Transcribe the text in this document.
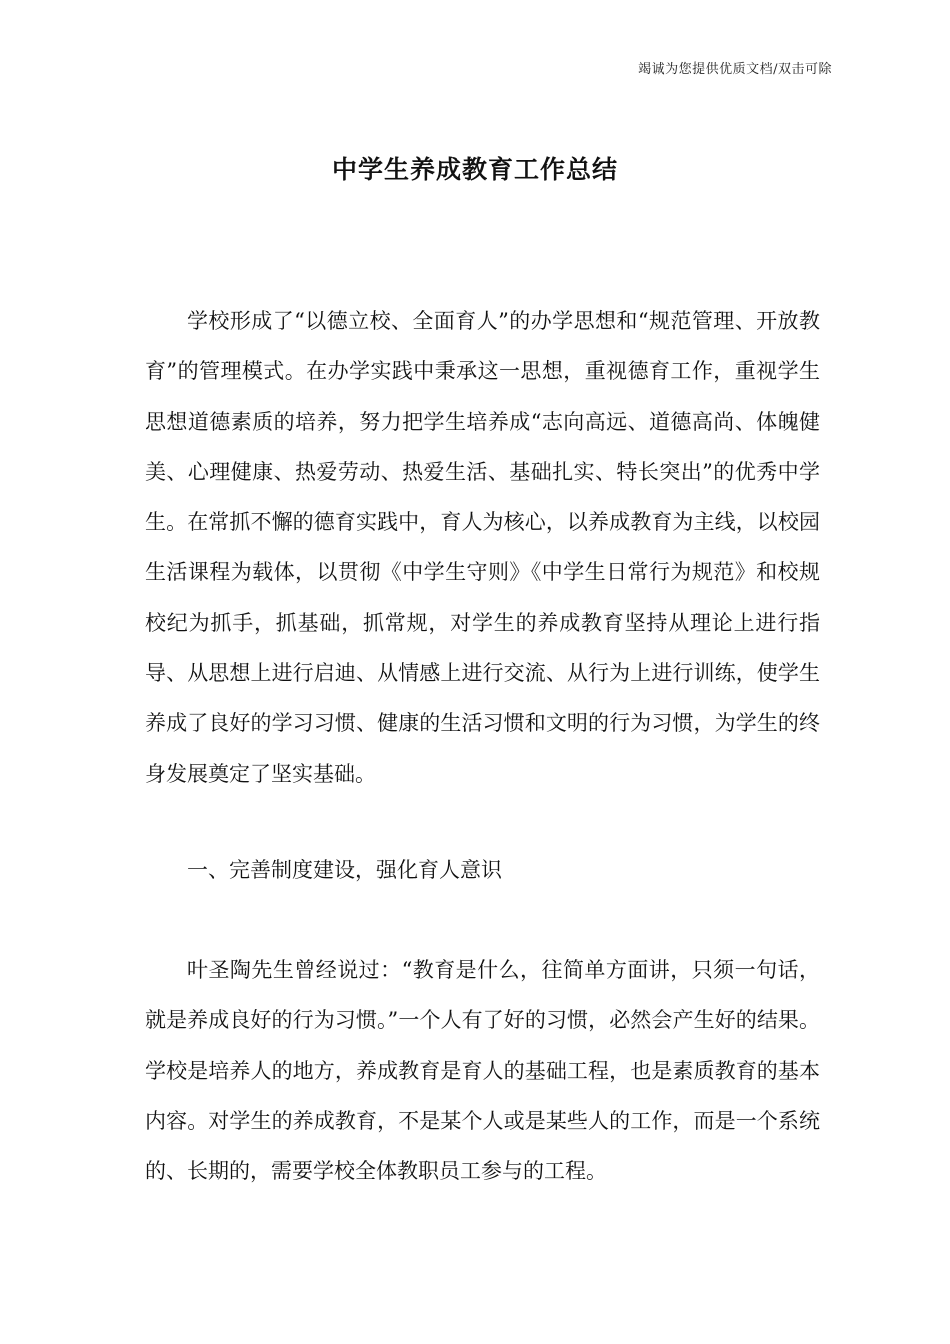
竭诚为您提供优质文档/双击可除
中学生养成教育工作总结

学校形成了“以德立校、全面育人”的办学思想和“规范管理、开放教育”的管理模式。在办学实践中秉承这一思想，重视德育工作，重视学生思想道德素质的培养，努力把学生培养成“志向高远、道德高尚、体魄健美、心理健康、热爱劳动、热爱生活、基础扎实、特长突出”的优秀中学生。在常抓不懈的德育实践中，育人为核心，以养成教育为主线，以校园生活课程为载体，以贯彻《中学生守则》《中学生日常行为规范》和校规校纪为抓手，抓基础，抓常规，对学生的养成教育坚持从理论上进行指导、从思想上进行启迪、从情感上进行交流、从行为上进行训练，使学生养成了良好的学习习惯、健康的生活习惯和文明的行为习惯，为学生的终身发展奠定了坚实基础。

一、完善制度建设，强化育人意识

叶圣陶先生曾经说过：“教育是什么，往简单方面讲，只须一句话，就是养成良好的行为习惯。”一个人有了好的习惯，必然会产生好的结果。学校是培养人的地方，养成教育是育人的基础工程，也是素质教育的基本内容。对学生的养成教育，不是某个人或是某些人的工作，而是一个系统的、长期的，需要学校全体教职员工参与的工程。
